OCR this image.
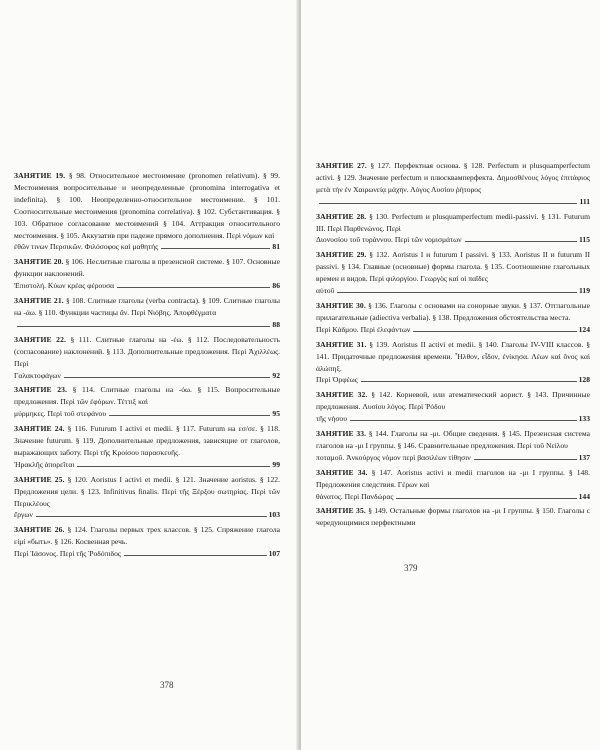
ЗАНЯТИЕ 19. § 98. Относительное местоимение (pronomen relativum). § 99. Местоимения вопросительные и неопределенные (pronomina interrogativa et indefinita). § 100. Неопределенно-относительное местоимение. § 101. Соотносительные местоимения (pronomina correlativa). § 102. Субстантивация. § 103. Обратное согласование местоимений § 104. Аттракция относительного местоимения. § 105. Аккузатив при падеже прямого дополнения. Περὶ νόμων καὶ

ἐθῶν τινων Περσικῶν. Φιλόσοφος καὶ μαθητής	81

ЗАНЯТИЕ 20. § 106. Неслитные глаголы в презенсной системе. § 107. Основные функции наклонений.

Ἐπιστολή. Κύων κρέας φέρουσα	86

ЗАНЯТИЕ 21. § 108. Слитные глаголы (verba contracta). § 109. Слитные глаголы на -άω. § 110. Функции частицы ἄν. Περὶ Νιόβης. Ἀποφθέγματα

88

ЗАНЯТИЕ 22. § 111. Слитные глаголы на -έω. § 112. Последовательность (согласование) наклонений. § 113. Дополнительные предложения. Περὶ Ἀχιλλέως. Περὶ

Γαλακτοφάγων	92

ЗАНЯТИЕ 23. § 114. Слитные глаголы на -όω. § 115. Вопросительные предложения. Περὶ τῶν ἐφόρων. Τέττιξ καὶ

μύρμηκες. Περὶ τοῦ στεφάνου	95

ЗАНЯТИЕ 24. § 116. Futurum I activi et medii. § 117. Futurum на εσ/σε. § 118. Значение futurum. § 119. Дополнительные предложения, зависящие от глаголов, выражающих заботу. Περὶ τῆς Κροίσου παρασκευῆς.

Ἡρακλῆς ἀπορεῖται	99

ЗАНЯТИЕ 25. § 120. Aoristus I activi et medii. § 121. Значение aoristus. § 122. Предложения цели. § 123. Infinitivus finalis. Περὶ τῆς Ξέρξου σωτηρίας. Περὶ τῶν Περικλέους

ἔργων	103

ЗАНЯТИЕ 26. § 124. Глаголы первых трех классов. § 125. Спряжение глагола εἰμί «быть». § 126. Косвенная речь.

Περὶ Ἰάσονος. Περὶ τῆς Ῥοδόπιδος	107
378

ЗАНЯТИЕ 27. § 127. Перфектная основа. § 128. Perfectum и plusquamperfectum activi. § 129. Значение perfectum и плюсквамперфекта. Δημοσθένους λόγος ἐπιτάφιος μετὰ τὴν ἐν Χαιρωνείᾳ μάχην. Λόγος Λυσίου ῥήτορος

111

ЗАНЯТИЕ 28. § 130. Perfectum и plusquamperfectum medii-passivi. § 131. Futurum III. Περὶ Παρθενώνος. Περὶ

Διονυσίου τοῦ τυράννου. Περὶ τῶν νομισμάτων	115

ЗАНЯТИЕ 29. § 132. Aoristus I и futurum I passivi. § 133. Aoristus II и futurum II passivi. § 134. Главные (основные) формы глагола. § 135. Соотношение глагольных времен и видов. Περὶ φιλοργίου. Γεωργὸς καὶ οἱ παῖδες

αὐτοῦ	119

ЗАНЯТИЕ 30. § 136. Глаголы с основами на сонорные звуки. § 137. Отглагольные прилагательные (adiectiva verbalia). § 138. Предложения обстоятельства места.

Περὶ Κάδμου. Περὶ ἐλεφάντων	124

ЗАНЯТИЕ 31. § 139. Aoristus II activi et medii. § 140. Глаголы IV-VIII классов. § 141. Придаточные предложения времени. Ἧλθον, εἶδον, ἐνίκησα. Λέων καὶ ὄνος καὶ ἀλώπηξ.

Περὶ Ὀρφέως	128

ЗАНЯТИЕ 32. § 142. Корневой, или атематический аорист. § 143. Причинные предложения. Λυσίου λόγος. Περὶ Ῥόδου

τῆς νήσου	133

ЗАНЯТИЕ 33. § 144. Глаголы на -μι. Общие сведения. § 145. Презенсная система глаголов на -μι I группы. § 146. Сравнительные предложения. Περὶ τοῦ Νείλου

ποταμοῦ. Ἀνκούργος νόμον περὶ βασιλέων τίθησιν	137

ЗАНЯТИЕ 34. § 147. Aoristus activi и medii глаголов на -μι I группы. § 148. Предложения следствия. Γέρων καὶ

θάνατος. Περὶ Πανδώρας	144

ЗАНЯТИЕ 35. § 149. Остальные формы глаголов на -μι I группы. § 150. Глаголы с чередующимися перфектными

379
